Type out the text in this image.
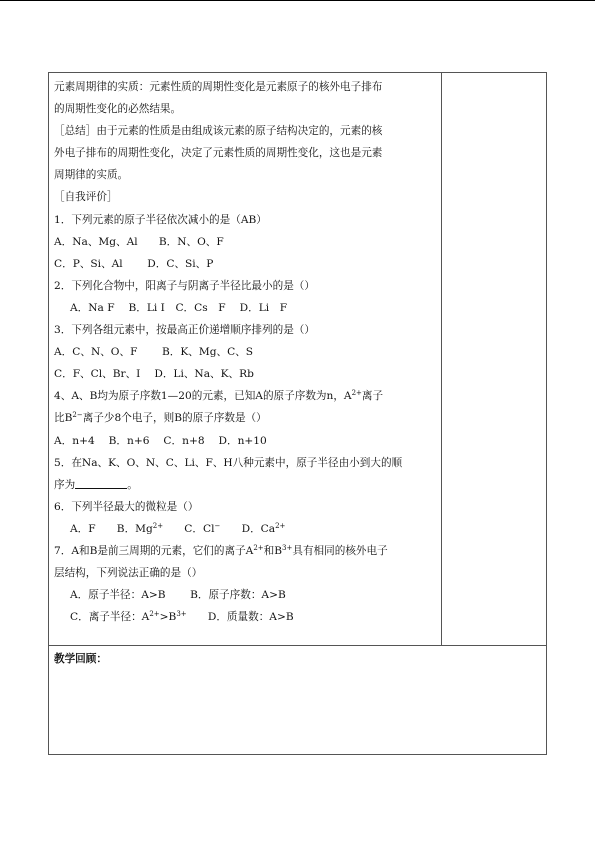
元素周期律的实质：元素性质的周期性变化是元素原子的核外电子排布

的周期性变化的必然结果。

［总结］由于元素的性质是由组成该元素的原子结构决定的，元素的核

外电子排布的周期性变化，决定了元素性质的周期性变化，这也是元素

周期律的实质。

［自我评价］

1．下列元素的原子半径依次减小的是（AB）

A．Na、Mg、Al　　B．N、O、F

C．P、Si、Al　　 D．C、Si、P

2．下列化合物中，阳离子与阴离子半径比最小的是（）

A．Na F　 B．Li I　C．Cs　F　 D．Li　F

3．下列各组元素中，按最高正价递增顺序排列的是（）

A．C、N、O、F　　 B．K、Mg、C、S

C．F、Cl、Br、I　 D．Li、Na、K、Rb

4、A、B均为原子序数1—20的元素，已知A的原子序数为n，$A^{2+}$离子

比$B^{2-}$离子少8个电子，则B的原子序数是（）

A．n+4　 B．n+6　 C．n+8　 D．n+10

5．在Na、K、O、N、C、Li、F、H八种元素中，原子半径由小到大的顺

序为	。

6．下列半径最大的微粒是（）

A．F　　B．$Mg^{2+}$　　C．Cl−　　D．$Ca^{2+}$

7．A和B是前三周期的元素，它们的离子$A^{2+}$和$B^{3+}$具有相同的核外电子

层结构，下列说法正确的是（）

A．原子半径：A>B　　 B．原子序数：A>B

C．离子半径：$A^{2+}>B^{3+}$　　D．质量数：A>B

教学回顾：
